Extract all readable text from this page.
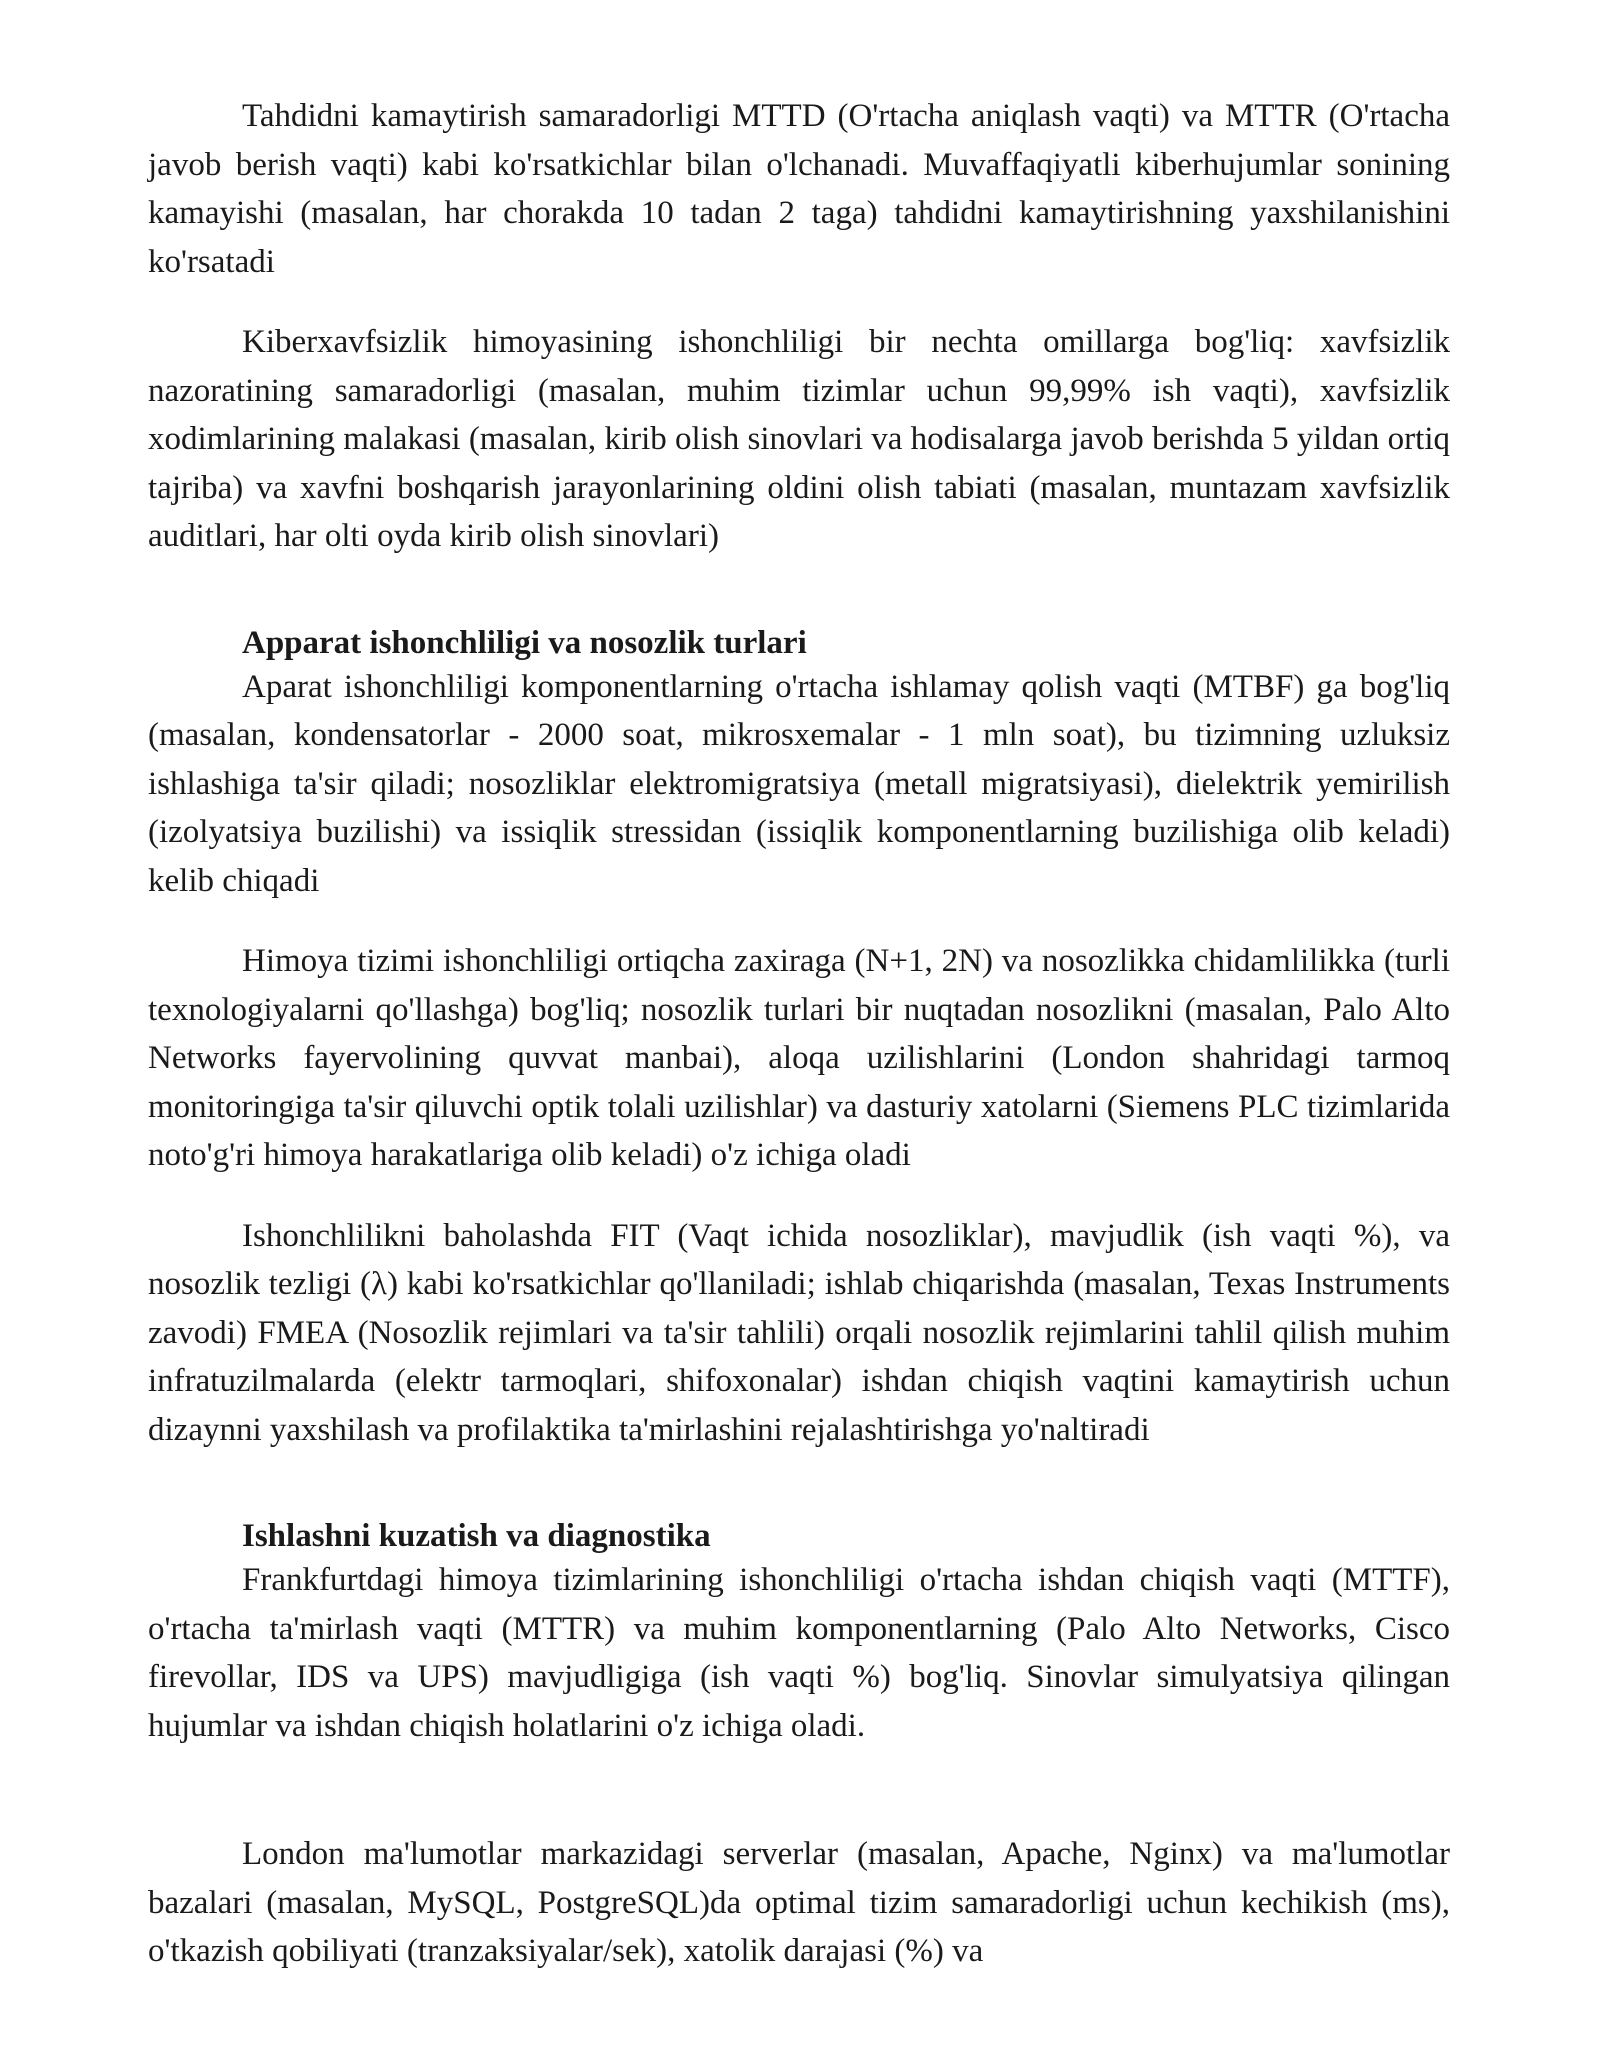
Tahdidni kamaytirish samaradorligi MTTD (O'rtacha aniqlash vaqti) va MTTR (O'rtacha javob berish vaqti) kabi ko'rsatkichlar bilan o'lchanadi. Muvaffaqiyatli kiberhujumlar sonining kamayishi (masalan, har chorakda 10 tadan 2 taga) tahdidni kamaytirishning yaxshilanishini ko'rsatadi

Kiberxavfsizlik himoyasining ishonchliligi bir nechta omillarga bog'liq: xavfsizlik nazoratining samaradorligi (masalan, muhim tizimlar uchun 99,99% ish vaqti), xavfsizlik xodimlarining malakasi (masalan, kirib olish sinovlari va hodisalarga javob berishda 5 yildan ortiq tajriba) va xavfni boshqarish jarayonlarining oldini olish tabiati (masalan, muntazam xavfsizlik auditlari, har olti oyda kirib olish sinovlari)

Apparat ishonchliligi va nosozlik turlari

Aparat ishonchliligi komponentlarning o'rtacha ishlamay qolish vaqti (MTBF) ga bog'liq (masalan, kondensatorlar - 2000 soat, mikrosxemalar - 1 mln soat), bu tizimning uzluksiz ishlashiga ta'sir qiladi; nosozliklar elektromigratsiya (metall migratsiyasi), dielektrik yemirilish (izolyatsiya buzilishi) va issiqlik stressidan (issiqlik komponentlarning buzilishiga olib keladi) kelib chiqadi

Himoya tizimi ishonchliligi ortiqcha zaxiraga (N+1, 2N) va nosozlikka chidamlilikka (turli texnologiyalarni qo'llashga) bog'liq; nosozlik turlari bir nuqtadan nosozlikni (masalan, Palo Alto Networks fayervolining quvvat manbai), aloqa uzilishlarini (London shahridagi tarmoq monitoringiga ta'sir qiluvchi optik tolali uzilishlar) va dasturiy xatolarni (Siemens PLC tizimlarida noto'g'ri himoya harakatlariga olib keladi) o'z ichiga oladi

Ishonchlilikni baholashda FIT (Vaqt ichida nosozliklar), mavjudlik (ish vaqti %), va nosozlik tezligi (λ) kabi ko'rsatkichlar qo'llaniladi; ishlab chiqarishda (masalan, Texas Instruments zavodi) FMEA (Nosozlik rejimlari va ta'sir tahlili) orqali nosozlik rejimlarini tahlil qilish muhim infratuzilmalarda (elektr tarmoqlari, shifoxonalar) ishdan chiqish vaqtini kamaytirish uchun dizaynni yaxshilash va profilaktika ta'mirlashini rejalashtirishga yo'naltiradi

Ishlashni kuzatish va diagnostika

Frankfurtdagi himoya tizimlarining ishonchliligi o'rtacha ishdan chiqish vaqti (MTTF), o'rtacha ta'mirlash vaqti (MTTR) va muhim komponentlarning (Palo Alto Networks, Cisco firevollar, IDS va UPS) mavjudligiga (ish vaqti %) bog'liq. Sinovlar simulyatsiya qilingan hujumlar va ishdan chiqish holatlarini o'z ichiga oladi.

London ma'lumotlar markazidagi serverlar (masalan, Apache, Nginx) va ma'lumotlar bazalari (masalan, MySQL, PostgreSQL)da optimal tizim samaradorligi uchun kechikish (ms), o'tkazish qobiliyati (tranzaksiyalar/sek), xatolik darajasi (%) va
